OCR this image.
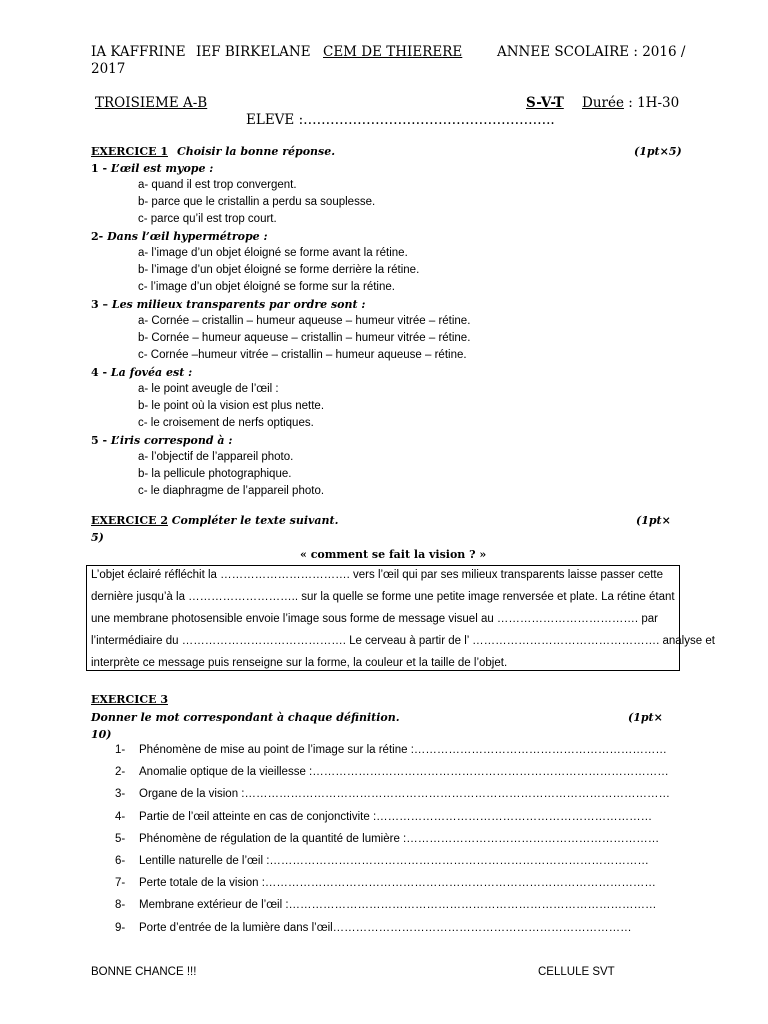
IA KAFFRINE IEF BIRKELANE CEM DE THIERERE	ANNEE SCOLAIRE : 2016 /
2017
TROISIEME A-B	S-V-T Durée : 1H-30
ELEVE :………………………………………………..
EXERCICE 1 Choisir la bonne réponse.	(1pt×5)
1 - L’œil est myope :
a- quand il est trop convergent.
b- parce que le cristallin a perdu sa souplesse.
c- parce qu’il est trop court.
2- Dans l’œil hypermétrope :
a- l’image d’un objet éloigné se forme avant la rétine.
b- l’image d’un objet éloigné se forme derrière la rétine.
c- l’image d’un objet éloigné se forme sur la rétine.
3 – Les milieux transparents par ordre sont :
a- Cornée – cristallin – humeur aqueuse – humeur vitrée – rétine.
b- Cornée – humeur aqueuse – cristallin – humeur vitrée – rétine.
c- Cornée –humeur vitrée – cristallin – humeur aqueuse – rétine.
4 - La fovéa est :
a- le point aveugle de l’œil :
b- le point où la vision est plus nette.
c- le croisement de nerfs optiques.
5 - L’iris correspond à :
a- l’objectif de l’appareil photo.
b- la pellicule photographique.
c- le diaphragme de l’appareil photo.
EXERCICE 2 Compléter le texte suivant.	(1pt×
5)
« comment se fait la vision ? »

L’objet éclairé réfléchit la ……………………………. vers l’œil qui par ses milieux transparents laisse passer cette

dernière jusqu’à la ……………………….. sur la quelle se forme une petite image renversée et plate. La rétine étant

une membrane photosensible envoie l’image sous forme de message visuel au ………………………………. par

l’intermédiaire du ……………………………………. Le cerveau à partir de l’ …………………………………………. analyse et

interprète ce message puis renseigne sur la forme, la couleur et la taille de l’objet.

EXERCICE 3
Donner le mot correspondant à chaque définition.	(1pt×
10)
1- Phénomène de mise au point de l’image sur la rétine :…………………………………………………………
2- Anomalie optique de la vieillesse :…………………………………………………………………………………
3- Organe de la vision :…………………………………………………………………………………………………
4- Partie de l’œil atteinte en cas de conjonctivite :………………………………………………………………
5- Phénomène de régulation de la quantité de lumière :…………………………………………………………
6- Lentille naturelle de l’œil :………………………………………………………………………………………
7- Perte totale de la vision :…………………………………………………………………………………………
8- Membrane extérieur de l’œil :……………………………………………………………………………………
9- Porte d’entrée de la lumière dans l’œil……………………………………………………………………
BONNE CHANCE !!!	CELLULE SVT
